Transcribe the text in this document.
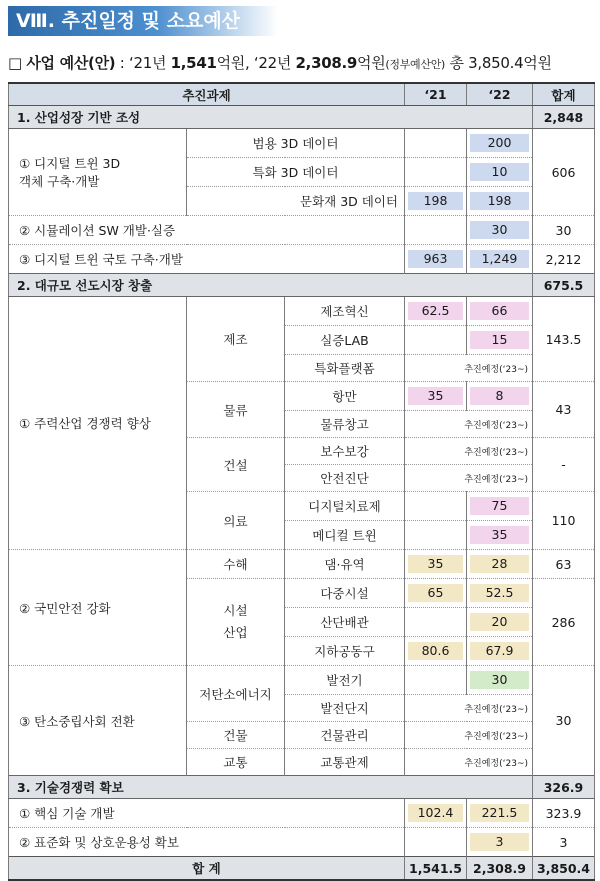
Ⅷ. 추진일정 및 소요예산
□ 사업 예산(안) : ‘21년 1,541억원, ‘22년 2,308.9억원(정부예산안) 총 3,850.4억원
추진과제			‘21	‘22	합계
1. 산업성장 기반 조성					2,848
① 디지털 트윈 3D
객체 구축·개발	범용 3D 데이터			200	606
	특화 3D 데이터			10	

	문화재 3D 데이터		198	198	

② 시뮬레이션 SW 개발·실증				30	30
③ 디지털 트윈 국토 구축·개발			963	1,249	2,212
2. 대규모 선도시장 창출					675.5
① 주력산업 경쟁력 향상	제조	제조혁신	62.5	66	143.5
		실증LAB		15	

		특화플랫폼	추진예정(‘23~)		
	물류	항만	35	8	43
		물류창고	추진예정(‘23~)		
	건설	보수보강	추진예정(‘23~)		-
		안전진단	추진예정(‘23~)		
	의료	디지털치료제		75	110
		메디컬 트윈		35	

② 국민안전 강화	수해	댐·유역	35	28	63
	시설
산업	다중시설	65	52.5	286
		산단배관		20	

		지하공동구	80.6	67.9	

③ 탄소중립사회 전환	저탄소에너지	발전기		30	30
		발전단지	추진예정(‘23~)		
	건물	건물관리	추진예정(‘23~)		
	교통	교통관제	추진예정(‘23~)		
3. 기술경쟁력 확보					326.9
① 핵심 기술 개발			102.4	221.5	323.9
② 표준화 및 상호운용성 확보				3	3
합 계			1,541.5	2,308.9	3,850.4
